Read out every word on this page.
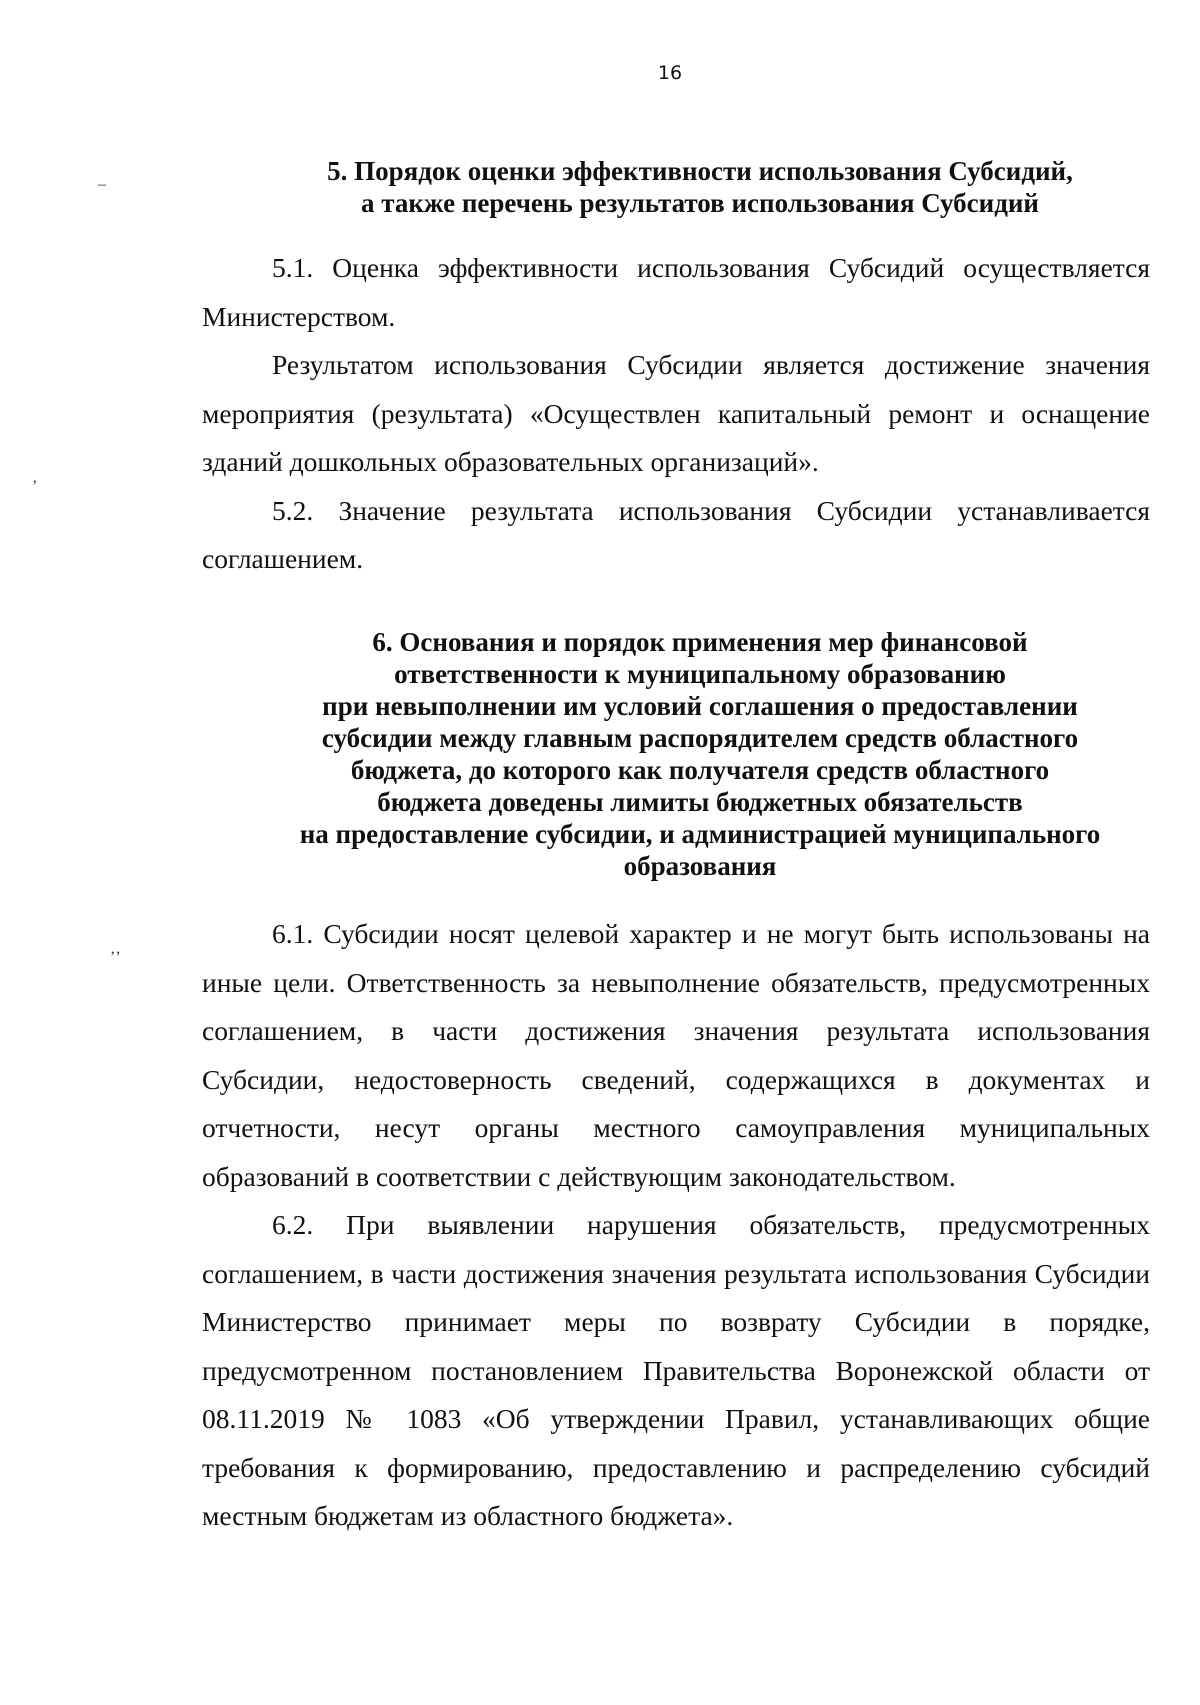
16
–
ʼ
‚‚

5. Порядок оценки эффективности использования Субсидий,
а также перечень результатов использования Субсидий

5.1. Оценка эффективности использования Субсидий осуществляется Министерством.

Результатом использования Субсидии является достижение значения мероприятия (результата) «Осуществлен капитальный ремонт и оснащение зданий дошкольных образовательных организаций».

5.2. Значение результата использования Субсидии устанавливается соглашением.

6. Основания и порядок применения мер финансовой
ответственности к муниципальному образованию
при невыполнении им условий соглашения о предоставлении
субсидии между главным распорядителем средств областного
бюджета, до которого как получателя средств областного
бюджета доведены лимиты бюджетных обязательств
на предоставление субсидии, и администрацией муниципального
образования

6.1. Субсидии носят целевой характер и не могут быть использованы на иные цели. Ответственность за невыполнение обязательств, предусмотренных соглашением, в части достижения значения результата использования Субсидии, недостоверность сведений, содержащихся в документах и отчетности, несут органы местного самоуправления муниципальных образований в соответствии с действующим законодательством.

6.2. При выявлении нарушения обязательств, предусмотренных соглашением, в части достижения значения результата использования Субсидии Министерство принимает меры по возврату Субсидии в порядке, предусмотренном постановлением Правительства Воронежской области от 08.11.2019 № 1083 «Об утверждении Правил, устанавливающих общие требования к формированию, предоставлению и распределению субсидий местным бюджетам из областного бюджета».
